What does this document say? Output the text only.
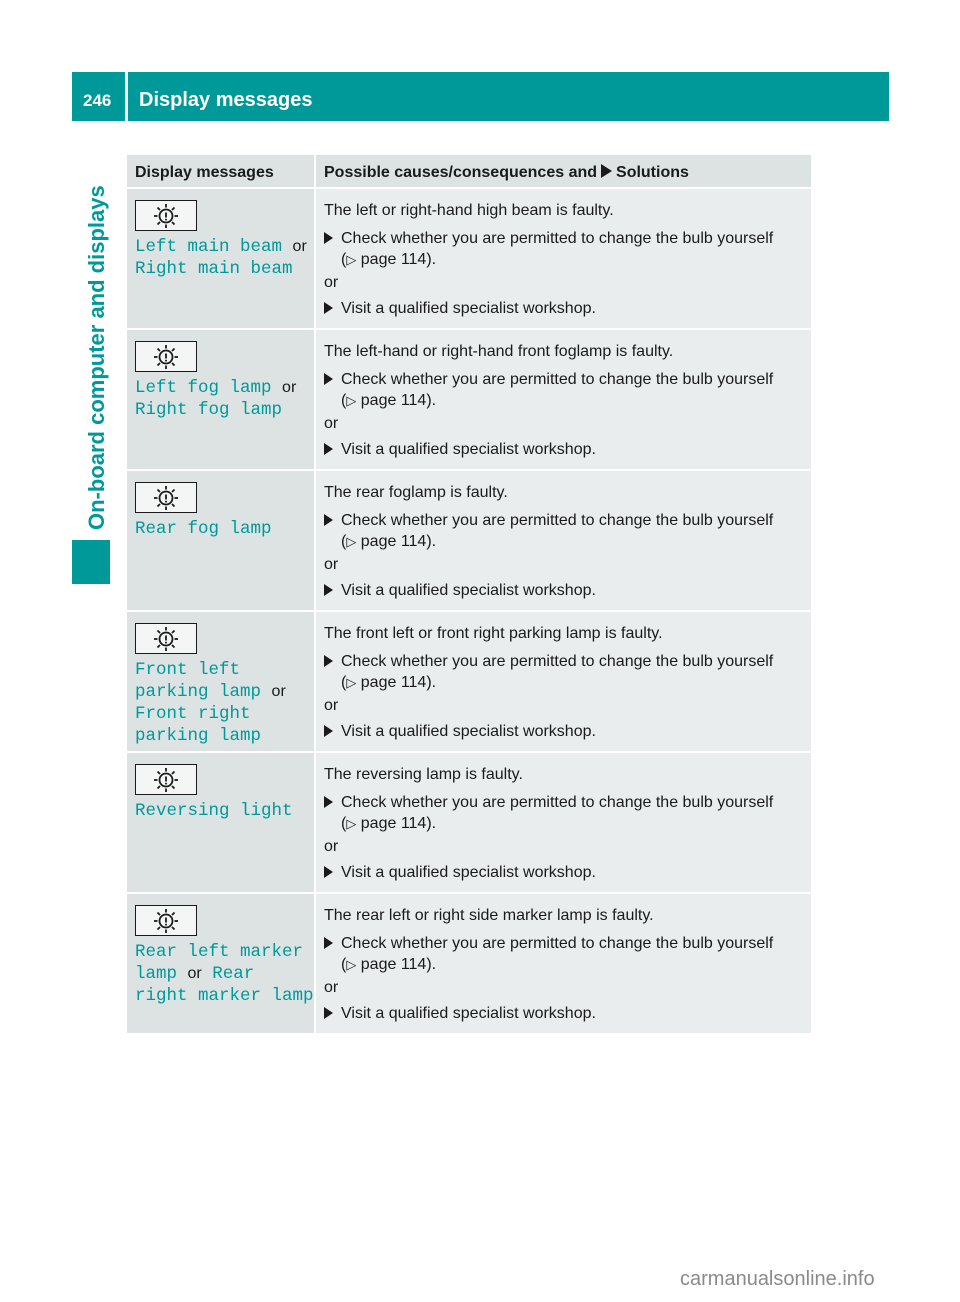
246	Display messages
On-board computer and displays
Display messages	Possible causes/consequences and Solutions
Left main beam or Right main beam
The left or right-hand high beam is faulty.
Check whether you are permitted to change the bulb yourself
(▷ page 114).
or
Visit a qualified specialist workshop.
Left fog lamp or Right fog lamp
The left-hand or right-hand front foglamp is faulty.
Check whether you are permitted to change the bulb yourself
(▷ page 114).
or
Visit a qualified specialist workshop.
Rear fog lamp
The rear foglamp is faulty.
Check whether you are permitted to change the bulb yourself
(▷ page 114).
or
Visit a qualified specialist workshop.
Front left parking lamp or Front right parking lamp
The front left or front right parking lamp is faulty.
Check whether you are permitted to change the bulb yourself
(▷ page 114).
or
Visit a qualified specialist workshop.
Reversing light
The reversing lamp is faulty.
Check whether you are permitted to change the bulb yourself
(▷ page 114).
or
Visit a qualified specialist workshop.
Rear left marker lamp or Rear right marker lamp
The rear left or right side marker lamp is faulty.
Check whether you are permitted to change the bulb yourself
(▷ page 114).
or
Visit a qualified specialist workshop.
carmanualsonline.info
